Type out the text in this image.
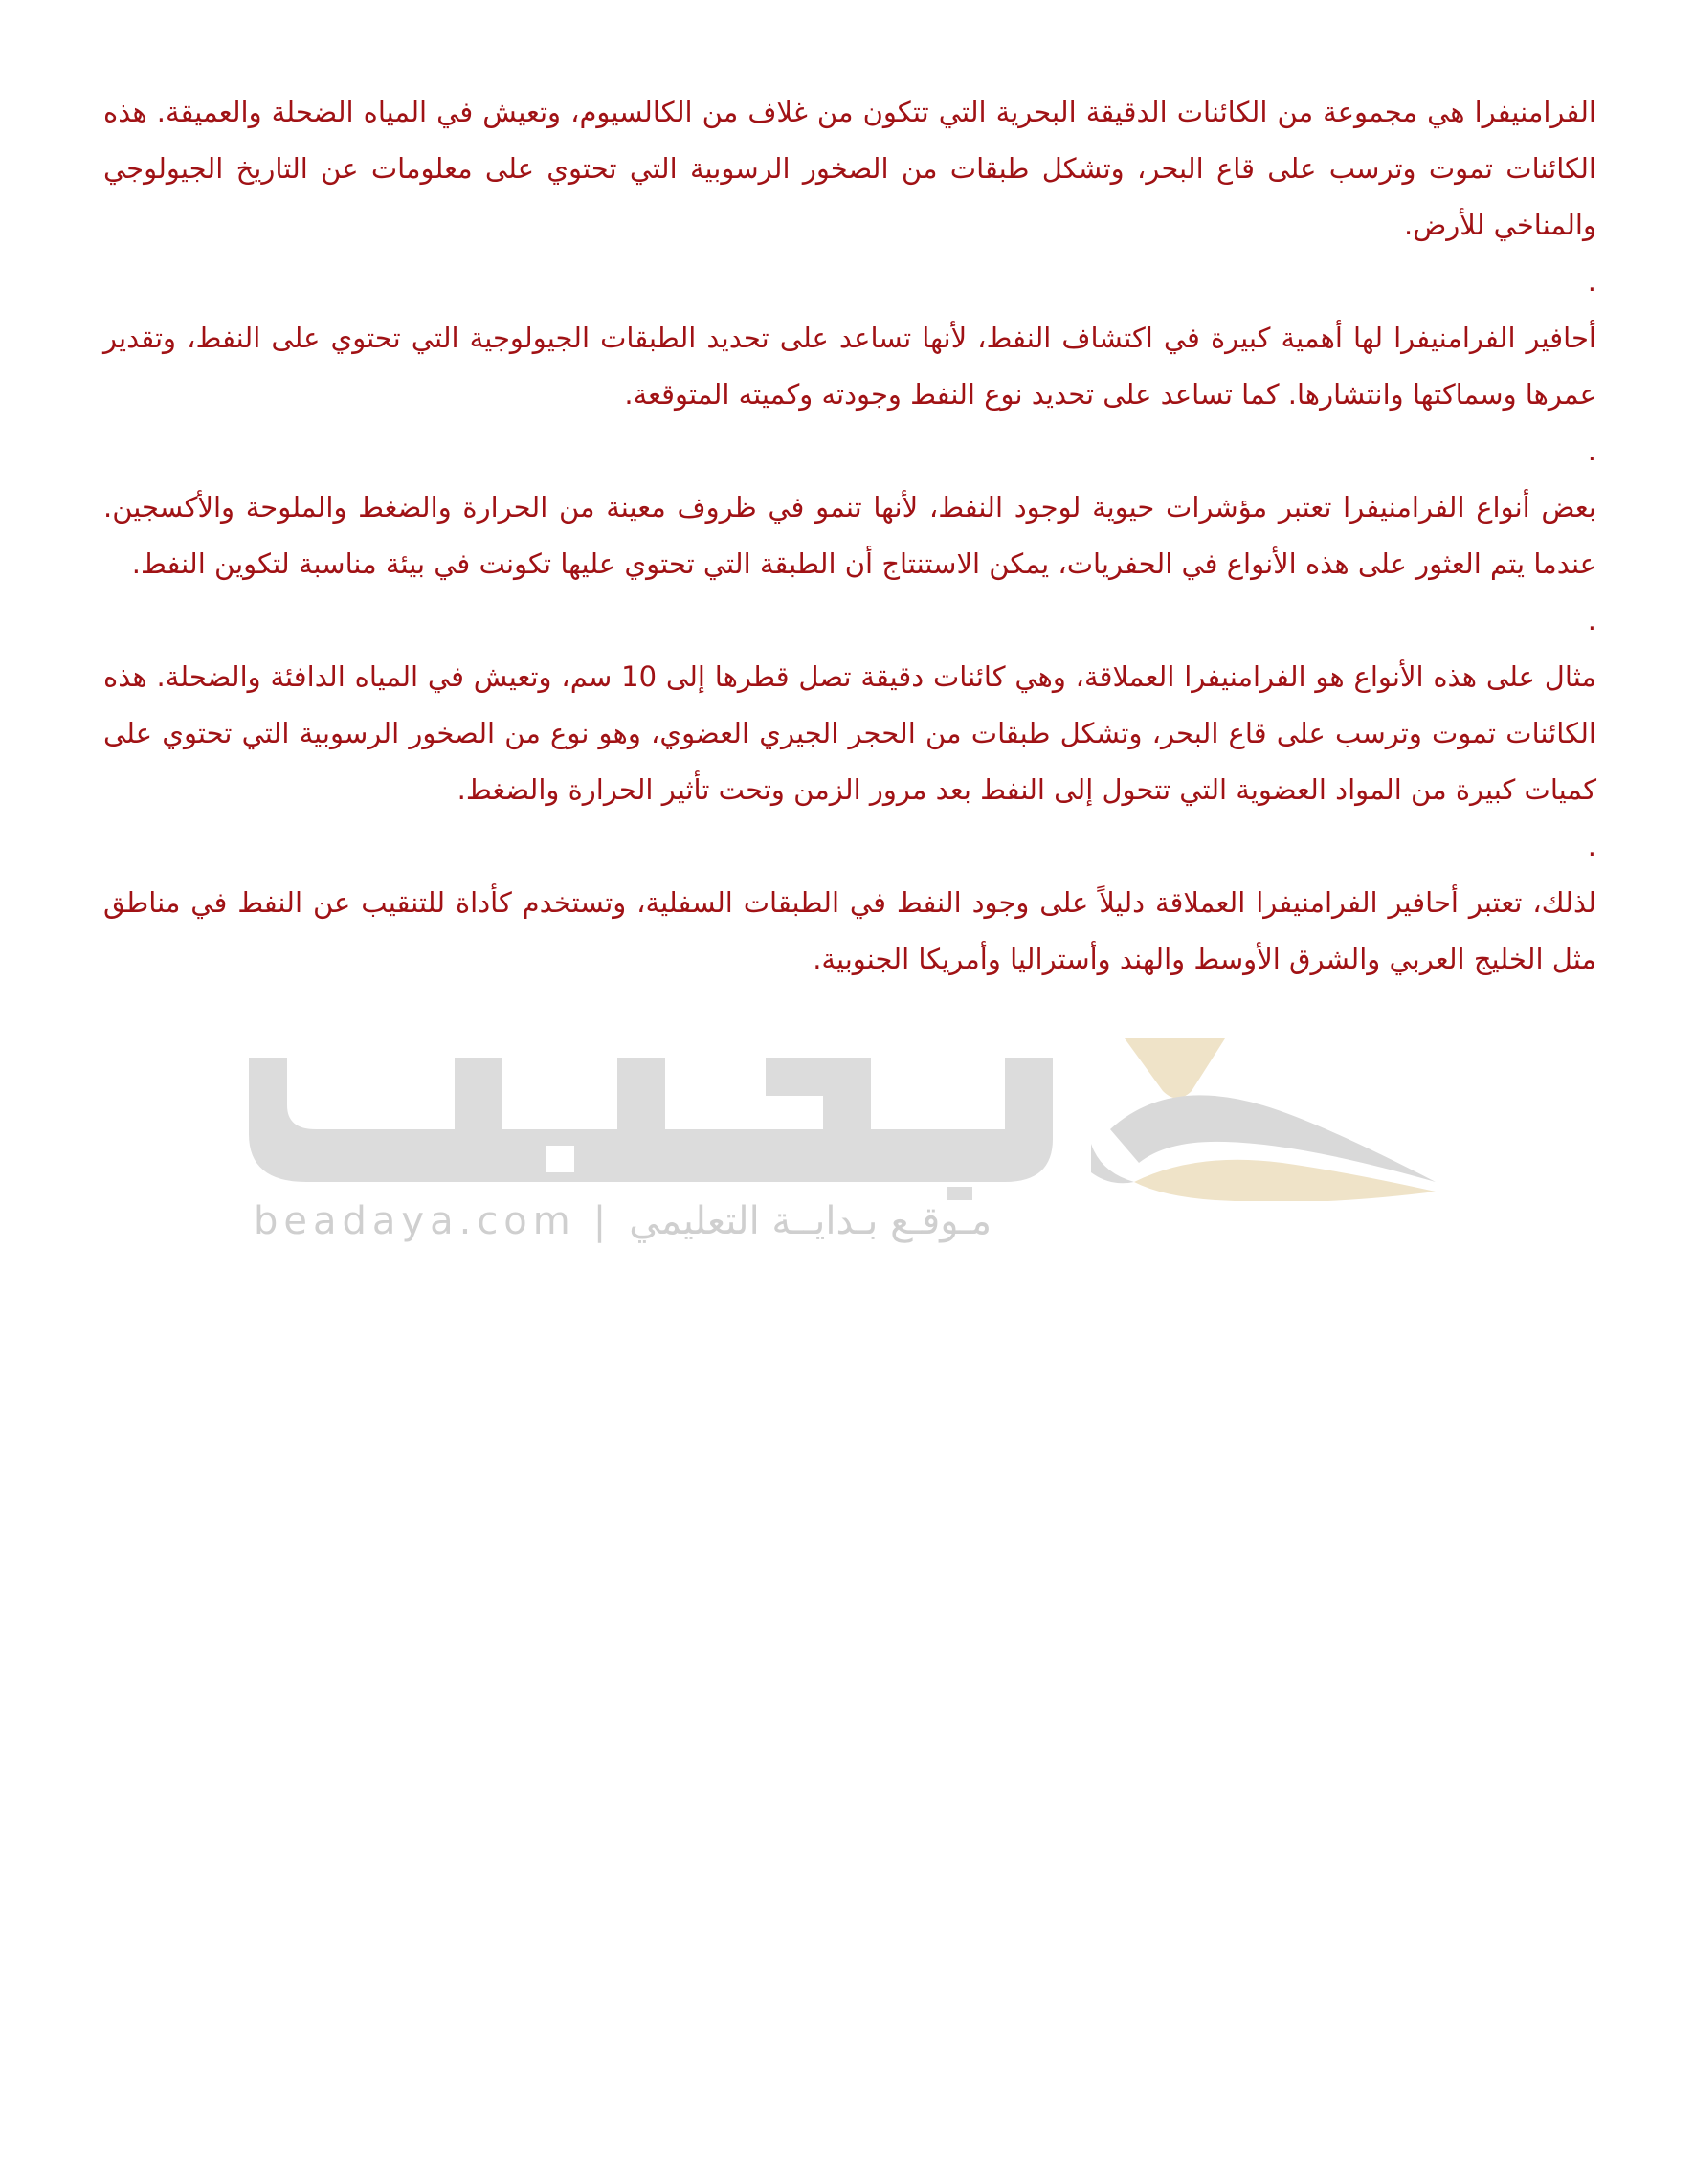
الفرامنيفرا هي مجموعة من الكائنات الدقيقة البحرية التي تتكون من غلاف من الكالسيوم، وتعيش في المياه الضحلة والعميقة. هذه الكائنات تموت وترسب على قاع البحر، وتشكل طبقات من الصخور الرسوبية التي تحتوي على معلومات عن التاريخ الجيولوجي والمناخي للأرض.

.

أحافير الفرامنيفرا لها أهمية كبيرة في اكتشاف النفط، لأنها تساعد على تحديد الطبقات الجيولوجية التي تحتوي على النفط، وتقدير عمرها وسماكتها وانتشارها. كما تساعد على تحديد نوع النفط وجودته وكميته المتوقعة.

.

بعض أنواع الفرامنيفرا تعتبر مؤشرات حيوية لوجود النفط، لأنها تنمو في ظروف معينة من الحرارة والضغط والملوحة والأكسجين. عندما يتم العثور على هذه الأنواع في الحفريات، يمكن الاستنتاج أن الطبقة التي تحتوي عليها تكونت في بيئة مناسبة لتكوين النفط.

.

مثال على هذه الأنواع هو الفرامنيفرا العملاقة، وهي كائنات دقيقة تصل قطرها إلى 10 سم، وتعيش في المياه الدافئة والضحلة. هذه الكائنات تموت وترسب على قاع البحر، وتشكل طبقات من الحجر الجيري العضوي، وهو نوع من الصخور الرسوبية التي تحتوي على كميات كبيرة من المواد العضوية التي تتحول إلى النفط بعد مرور الزمن وتحت تأثير الحرارة والضغط.

.

لذلك، تعتبر أحافير الفرامنيفرا العملاقة دليلاً على وجود النفط في الطبقات السفلية، وتستخدم كأداة للتنقيب عن النفط في مناطق مثل الخليج العربي والشرق الأوسط والهند وأستراليا وأمريكا الجنوبية.

beadaya.com | مـوقـع بـدايــة التعليمي
